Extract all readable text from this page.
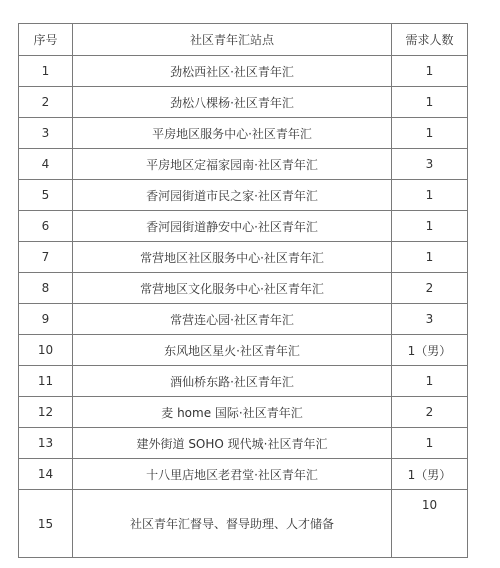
序号	社区青年汇站点	需求人数
1	劲松西社区·社区青年汇	1
2	劲松八棵杨·社区青年汇	1
3	平房地区服务中心·社区青年汇	1
4	平房地区定福家园南·社区青年汇	3
5	香河园街道市民之家·社区青年汇	1
6	香河园街道静安中心·社区青年汇	1
7	常营地区社区服务中心·社区青年汇	1
8	常营地区文化服务中心·社区青年汇	2
9	常营连心园·社区青年汇	3
10	东风地区星火·社区青年汇	1（男）
11	酒仙桥东路·社区青年汇	1
12	麦 home 国际·社区青年汇	2
13	建外街道 SOHO 现代城·社区青年汇	1
14	十八里店地区老君堂·社区青年汇	1（男）
15	社区青年汇督导、督导助理、人才储备	10
